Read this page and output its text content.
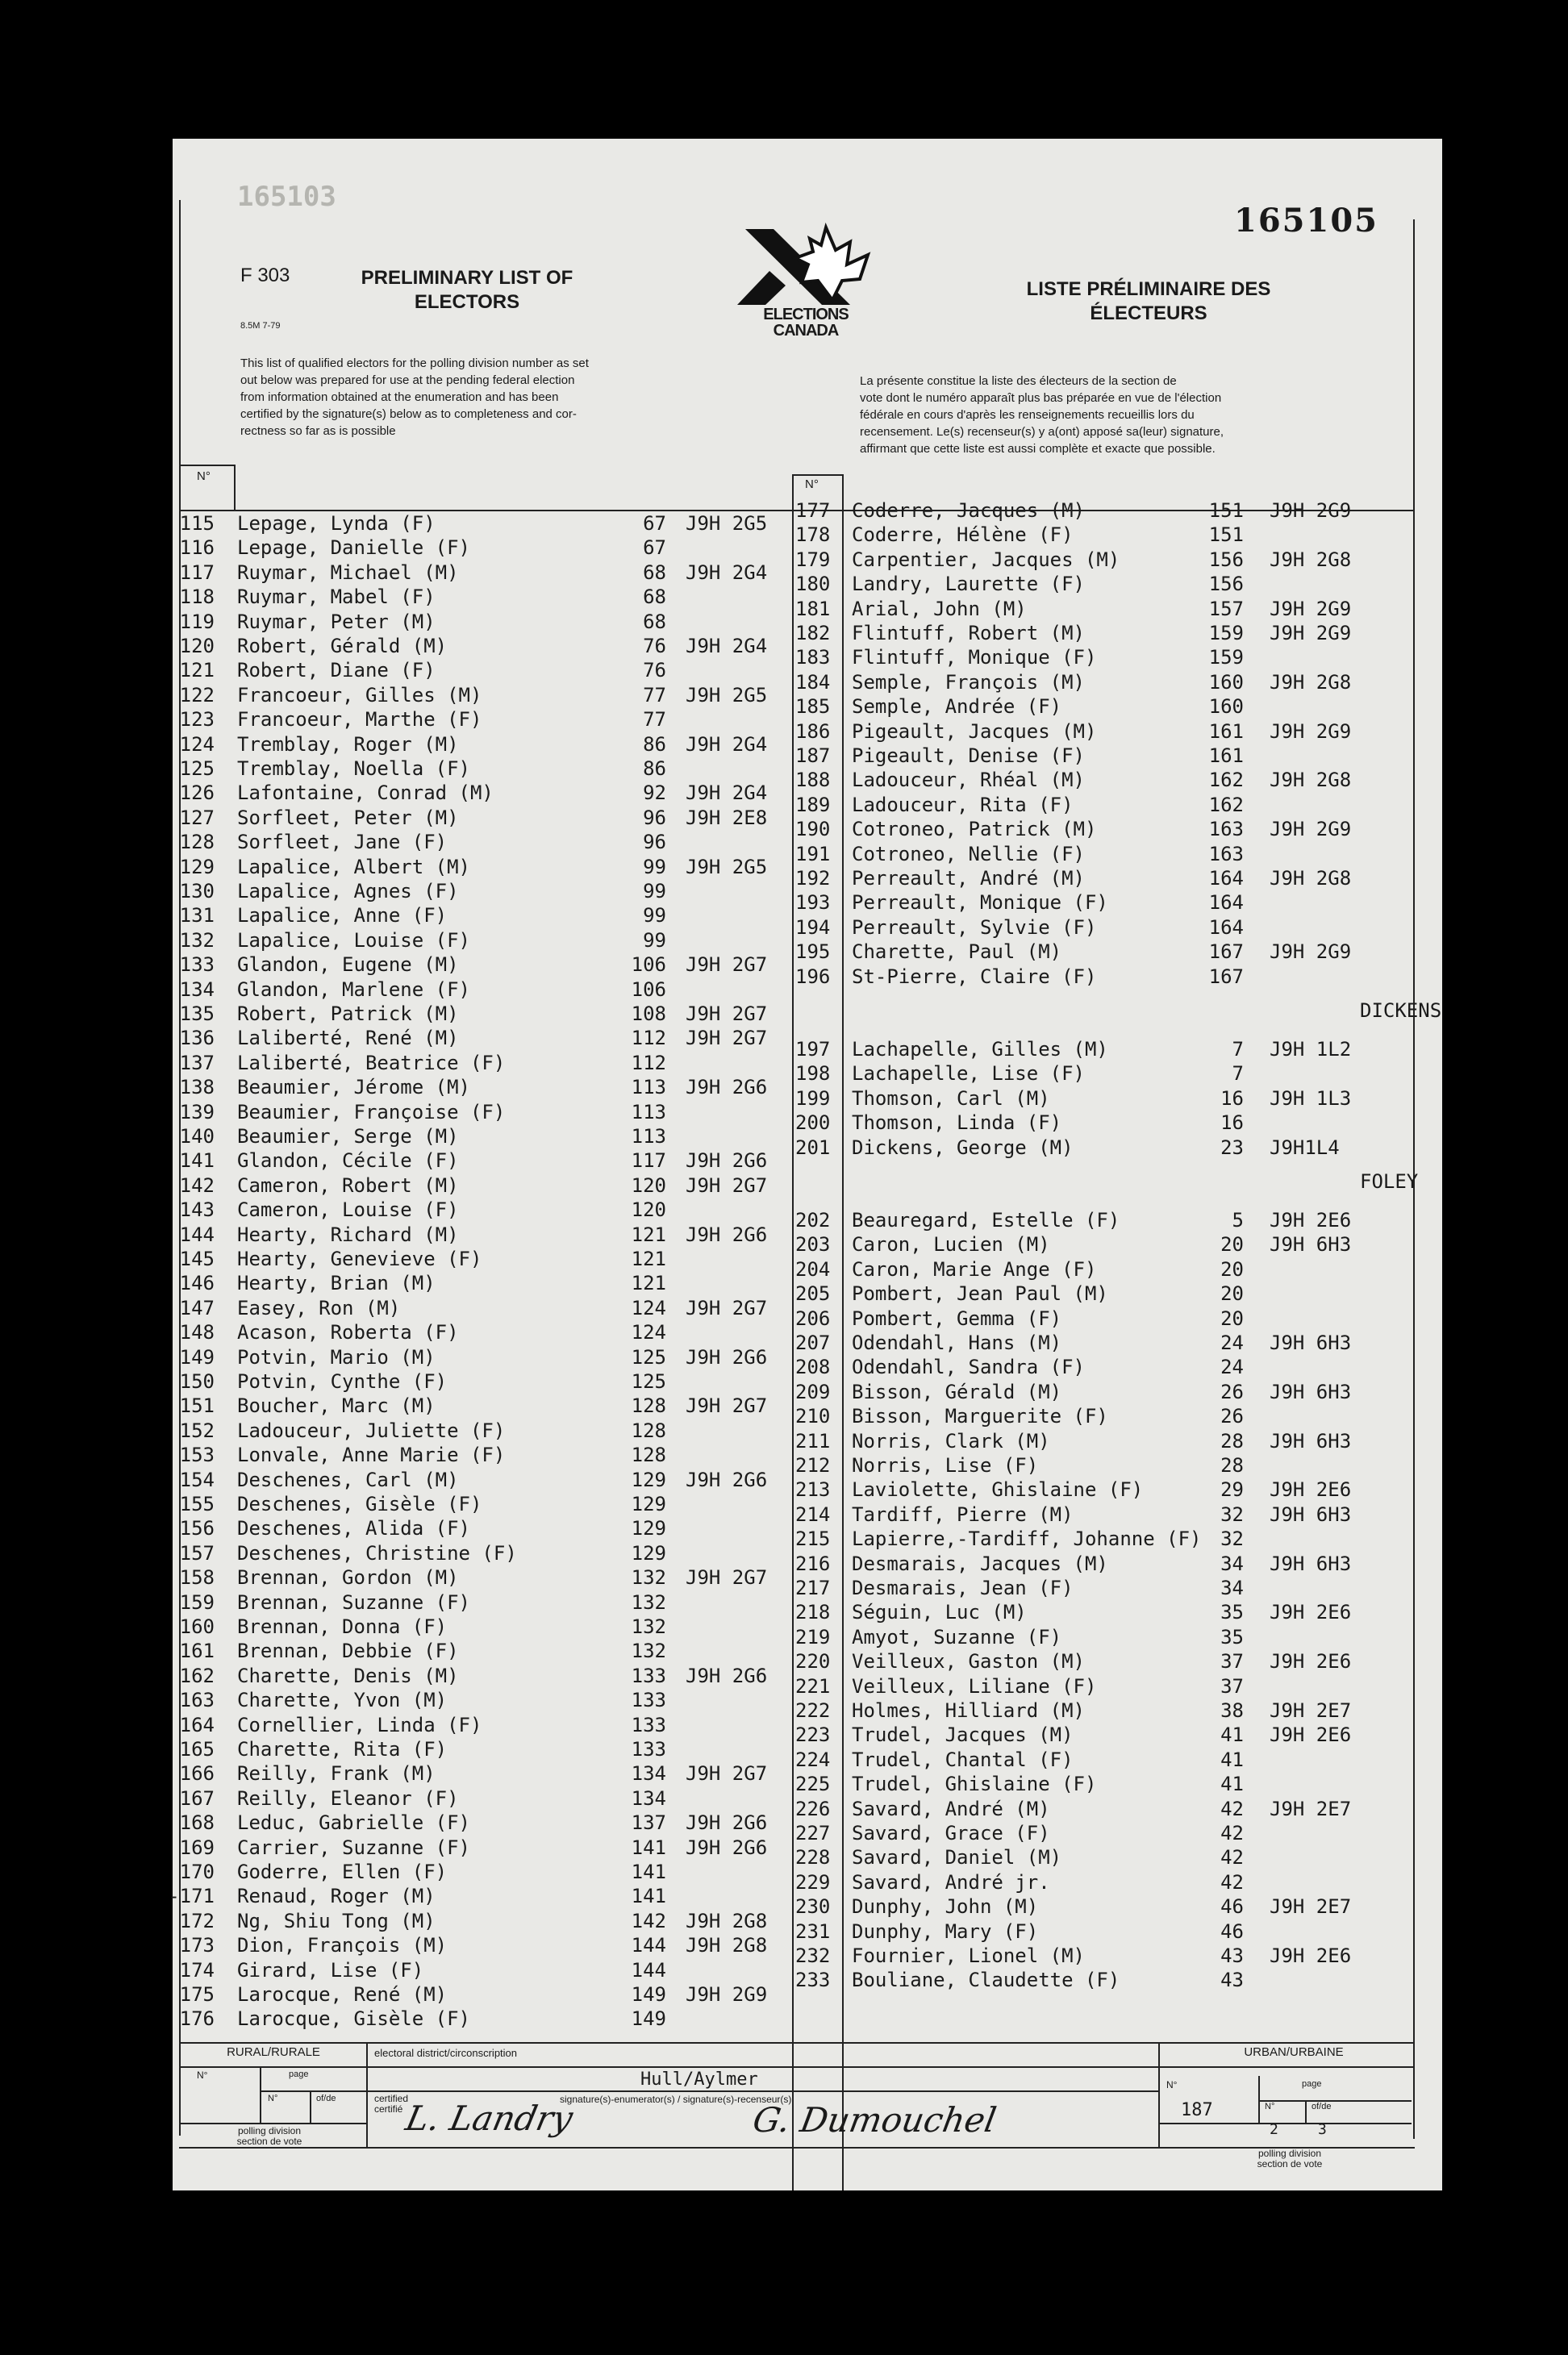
165103
165105
F 303
8.5M 7-79
PRELIMINARY LIST OF
ELECTORS
ELECTIONS
CANADA
LISTE PRÉLIMINAIRE DES
ÉLECTEURS
This list of qualified electors for the polling division number as set
out below was prepared for use at the pending federal election
from information obtained at the enumeration and has been
certified by the signature(s) below as to completeness and cor-
rectness so far as is possible
La présente constitue la liste des électeurs de la section de
vote dont le numéro apparaît plus bas préparée en vue de l'élection
fédérale en cours d'après les renseignements recueillis lors du
recensement. Le(s) recenseur(s) y a(ont) apposé sa(leur) signature,
affirmant que cette liste est aussi complète et exacte que possible.
N°
N°
115 Lepage, Lynda (F)	67 J9H 2G5
116 Lepage, Danielle (F)	67
117 Ruymar, Michael (M)	68 J9H 2G4
118 Ruymar, Mabel (F)	68
119 Ruymar, Peter (M)	68
120 Robert, Gérald (M)	76 J9H 2G4
121 Robert, Diane (F)	76
122 Francoeur, Gilles (M)	77 J9H 2G5
123 Francoeur, Marthe (F)	77
124 Tremblay, Roger (M)	86 J9H 2G4
125 Tremblay, Noella (F)	86
126 Lafontaine, Conrad (M)	92 J9H 2G4
127 Sorfleet, Peter (M)	96 J9H 2E8
128 Sorfleet, Jane (F)	96
129 Lapalice, Albert (M)	99 J9H 2G5
130 Lapalice, Agnes (F)	99
131 Lapalice, Anne (F)	99
132 Lapalice, Louise (F)	99
133 Glandon, Eugene (M)	106 J9H 2G7
134 Glandon, Marlene (F)	106
135 Robert, Patrick (M)	108 J9H 2G7
136 Laliberté, René (M)	112 J9H 2G7
137 Laliberté, Beatrice (F)	112
138 Beaumier, Jérome (M)	113 J9H 2G6
139 Beaumier, Françoise (F)	113
140 Beaumier, Serge (M)	113
141 Glandon, Cécile (F)	117 J9H 2G6
142 Cameron, Robert (M)	120 J9H 2G7
143 Cameron, Louise (F)	120
144 Hearty, Richard (M)	121 J9H 2G6
145 Hearty, Genevieve (F)	121
146 Hearty, Brian (M)	121
147 Easey, Ron (M)	124 J9H 2G7
148 Acason, Roberta (F)	124
149 Potvin, Mario (M)	125 J9H 2G6
150 Potvin, Cynthe (F)	125
151 Boucher, Marc (M)	128 J9H 2G7
152 Ladouceur, Juliette (F)	128
153 Lonvale, Anne Marie (F)	128
154 Deschenes, Carl (M)	129 J9H 2G6
155 Deschenes, Gisèle (F)	129
156 Deschenes, Alida (F)	129
157 Deschenes, Christine (F)	129
158 Brennan, Gordon (M)	132 J9H 2G7
159 Brennan, Suzanne (F)	132
160 Brennan, Donna (F)	132
161 Brennan, Debbie (F)	132
162 Charette, Denis (M)	133 J9H 2G6
163 Charette, Yvon (M)	133
164 Cornellier, Linda (F)	133
165 Charette, Rita (F)	133
166 Reilly, Frank (M)	134 J9H 2G7
167 Reilly, Eleanor (F)	134
168 Leduc, Gabrielle (F)	137 J9H 2G6
169 Carrier, Suzanne (F)	141 J9H 2G6
170 Goderre, Ellen (F)	141
-171 Renaud, Roger (M)	141
172 Ng, Shiu Tong (M)	142 J9H 2G8
173 Dion, François (M)	144 J9H 2G8
174 Girard, Lise (F)	144
175 Larocque, René (M)	149 J9H 2G9
176 Larocque, Gisèle (F)	149
177 Coderre, Jacques (M)	151 J9H 2G9
178 Coderre, Hélène (F)	151
179 Carpentier, Jacques (M)	156 J9H 2G8
180 Landry, Laurette (F)	156
181 Arial, John (M)	157 J9H 2G9
182 Flintuff, Robert (M)	159 J9H 2G9
183 Flintuff, Monique (F)	159
184 Semple, François (M)	160 J9H 2G8
185 Semple, Andrée (F)	160
186 Pigeault, Jacques (M)	161 J9H 2G9
187 Pigeault, Denise (F)	161
188 Ladouceur, Rhéal (M)	162 J9H 2G8
189 Ladouceur, Rita (F)	162
190 Cotroneo, Patrick (M)	163 J9H 2G9
191 Cotroneo, Nellie (F)	163
192 Perreault, André (M)	164 J9H 2G8
193 Perreault, Monique (F)	164
194 Perreault, Sylvie (F)	164
195 Charette, Paul (M)	167 J9H 2G9
196 St-Pierre, Claire (F)	167
DICKENS
197 Lachapelle, Gilles (M)	7 J9H 1L2
198 Lachapelle, Lise (F)	7
199 Thomson, Carl (M)	16 J9H 1L3
200 Thomson, Linda (F)	16
201 Dickens, George (M)	23 J9H1L4
FOLEY
202 Beauregard, Estelle (F)	5 J9H 2E6
203 Caron, Lucien (M)	20 J9H 6H3
204 Caron, Marie Ange (F)	20
205 Pombert, Jean Paul (M)	20
206 Pombert, Gemma (F)	20
207 Odendahl, Hans (M)	24 J9H 6H3
208 Odendahl, Sandra (F)	24
209 Bisson, Gérald (M)	26 J9H 6H3
210 Bisson, Marguerite (F)	26
211 Norris, Clark (M)	28 J9H 6H3
212 Norris, Lise (F)	28
213 Laviolette, Ghislaine (F)	29 J9H 2E6
214 Tardiff, Pierre (M)	32 J9H 6H3
215 Lapierre,-Tardiff, Johanne (F) 32
216 Desmarais, Jacques (M)	34 J9H 6H3
217 Desmarais, Jean (F)	34
218 Séguin, Luc (M)	35 J9H 2E6
219 Amyot, Suzanne (F)	35
220 Veilleux, Gaston (M)	37 J9H 2E6
221 Veilleux, Liliane (F)	37
222 Holmes, Hilliard (M)	38 J9H 2E7
223 Trudel, Jacques (M)	41 J9H 2E6
224 Trudel, Chantal (F)	41
225 Trudel, Ghislaine (F)	41
226 Savard, André (M)	42 J9H 2E7
227 Savard, Grace (F)	42
228 Savard, Daniel (M)	42
229 Savard, André jr.	42
230 Dunphy, John (M)	46 J9H 2E7
231 Dunphy, Mary (F)	46
232 Fournier, Lionel (M)	43 J9H 2E6
233 Bouliane, Claudette (F)	43
RURAL/RURALE	URBAN/URBAINE
electoral district/circonscription
Hull/Aylmer
N°	page
N°	of/de
polling division
section de vote
certified
certifié
signature(s)-enumerator(s) / signature(s)-recenseur(s)
L. Landry	G. Dumouchel
N°	page
187	N°	of/de
2	3
polling division
section de vote
